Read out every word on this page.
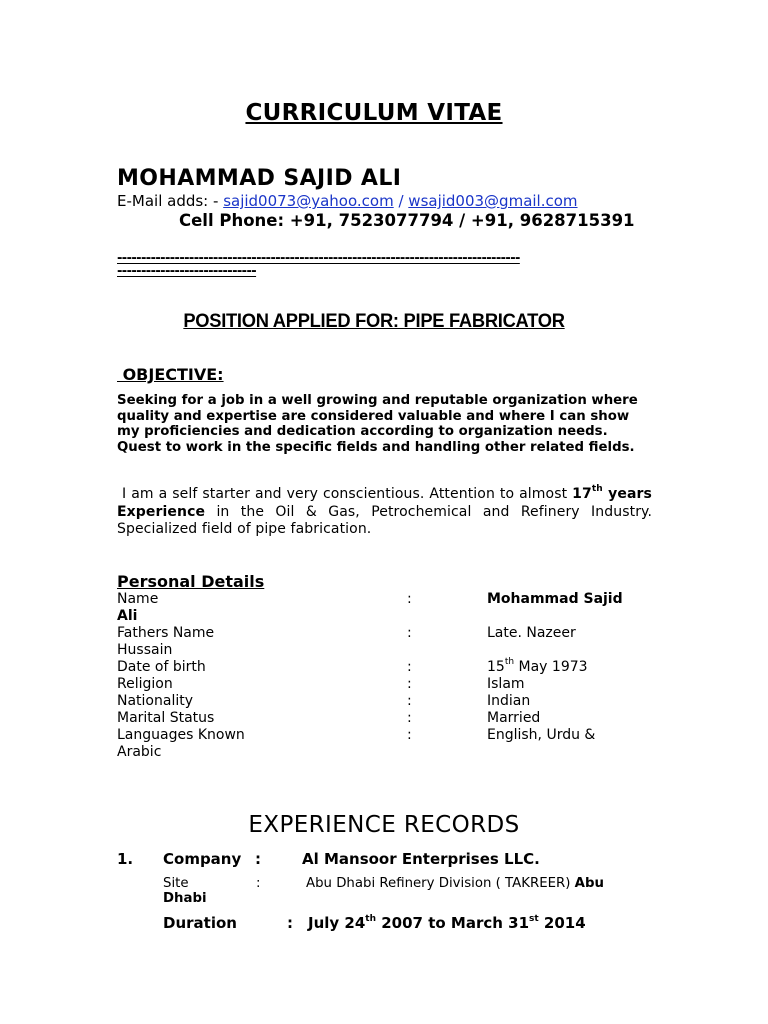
CURRICULUM VITAE
MOHAMMAD SAJID ALI
E-Mail adds: - sajid0073@yahoo.com / wsajid003@gmail.com
Cell Phone: +91, 7523077794 / +91, 9628715391
------------------------------------------------------------------------------------
-----------------------------
POSITION APPLIED FOR: PIPE FABRICATOR
OBJECTIVE:
Seeking for a job in a well growing and reputable organization where quality and expertise are considered valuable and where I can show my proficiencies and dedication according to organization needs. Quest to work in the specific fields and handling other related fields.
I am a self starter and very conscientious. Attention to almost 17th years Experience in the Oil & Gas, Petrochemical and Refinery Industry. Specialized field of pipe fabrication.
Personal Details
Name	:	Mohammad Sajid
Ali
Fathers Name	:	Late. Nazeer
Hussain
Date of birth	:	15th May 1973
Religion	:	Islam
Nationality	:	Indian
Marital Status	:	Married
Languages Known	:	English, Urdu &
Arabic
EXPERIENCE RECORDS
1. Company :	Al Mansoor Enterprises LLC.
Site	:	Abu Dhabi Refinery Division ( TAKREER) Abu
Dhabi
Duration	: July 24th 2007 to March 31st 2014
